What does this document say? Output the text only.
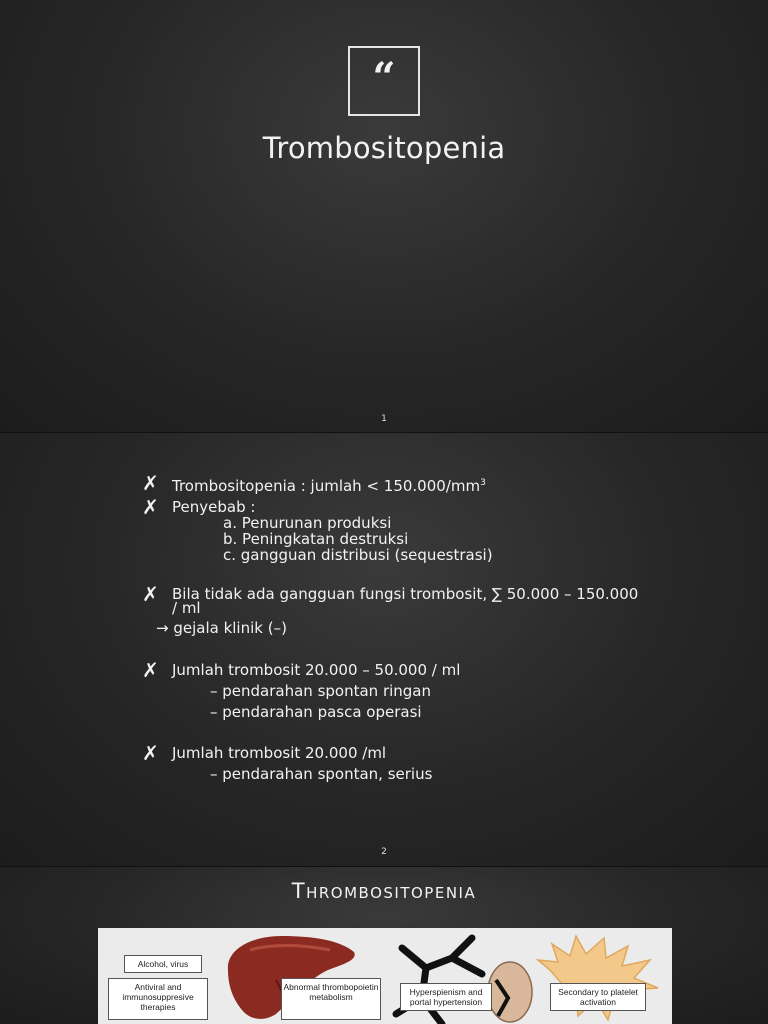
“
Trombositopenia
1
✗ Trombositopenia : jumlah < $150.000/mm^3$
✗ Penyebab :
a. Penurunan produksi
b. Peningkatan destruksi
c. gangguan distribusi (sequestrasi)
✗ Bila tidak ada gangguan fungsi trombosit, ∑ 50.000 – 150.000
/ ml
→ gejala klinik (–)
✗ Jumlah trombosit 20.000 – 50.000 / ml
– pendarahan spontan ringan
– pendarahan pasca operasi
✗ Jumlah trombosit 20.000 /ml
– pendarahan spontan, serius
2
Thrombositopenia
Alcohol, virus
Antiviral and immunosuppresive therapies
Abnormal thrombopoietin metabolism	Hyperspienism and portal hypertension
Secondary to platelet activation
